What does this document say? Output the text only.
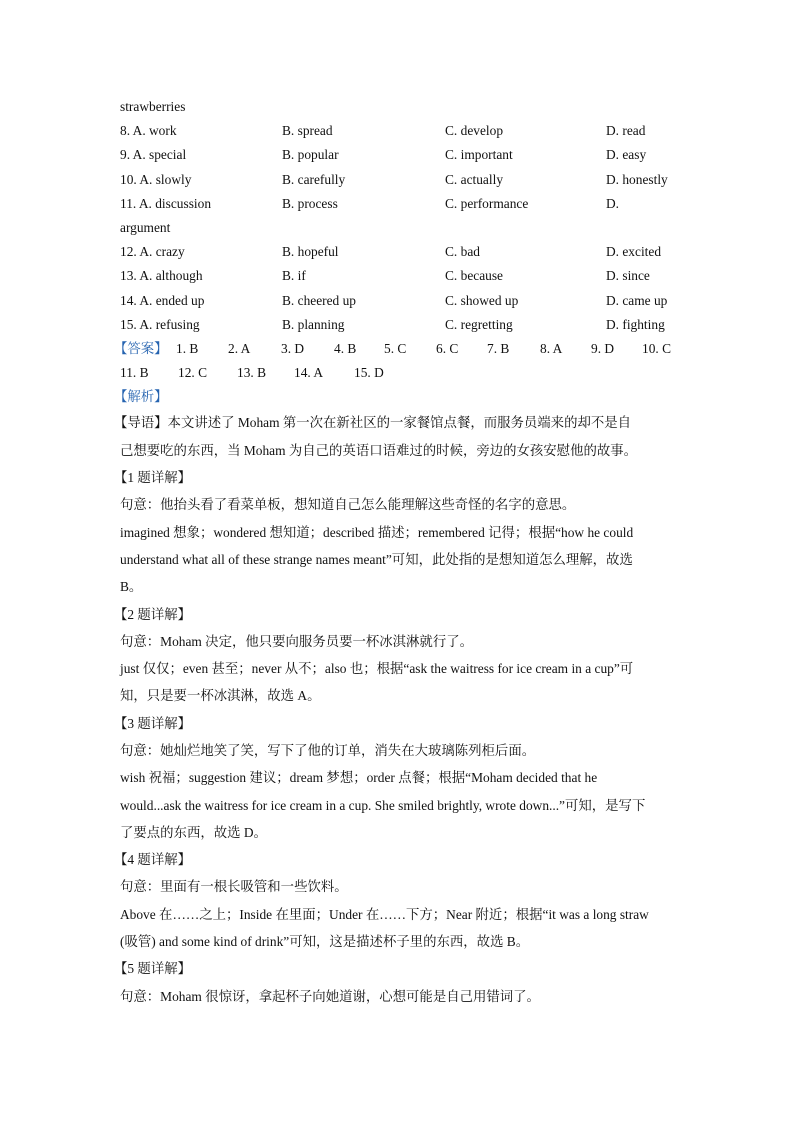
strawberries
8. A. work	B. spread	C. develop	D. read
9. A. special	B. popular	C. important	D. easy
10. A. slowly	B. carefully	C. actually	D. honestly
11. A. discussion	B. process	C. performance	D.
argument
12. A. crazy	B. hopeful	C. bad	D. excited
13. A. although	B. if	C. because	D. since
14. A. ended up	B. cheered up	C. showed up	D. came up
15. A. refusing	B. planning	C. regretting	D. fighting
【答案】 1. B 2. A 3. D 4. B 5. C 6. C 7. B 8. A 9. D 10. C
11. B 12. C 13. B 14. A 15. D
【解析】
【导语】本文讲述了 Moham 第一次在新社区的一家餐馆点餐，而服务员端来的却不是自
己想要吃的东西，当 Moham 为自己的英语口语难过的时候，旁边的女孩安慰他的故事。
【1 题详解】
句意：他抬头看了看菜单板，想知道自己怎么能理解这些奇怪的名字的意思。
imagined 想象；wondered 想知道；described 描述；remembered 记得；根据“how he could
understand what all of these strange names meant”可知，此处指的是想知道怎么理解，故选
B。
【2 题详解】
句意：Moham 决定，他只要向服务员要一杯冰淇淋就行了。
just 仅仅；even 甚至；never 从不；also 也；根据“ask the waitress for ice cream in a cup”可
知，只是要一杯冰淇淋，故选 A。
【3 题详解】
句意：她灿烂地笑了笑，写下了他的订单，消失在大玻璃陈列柜后面。
wish 祝福；suggestion 建议；dream 梦想；order 点餐；根据“Moham decided that he
would...ask the waitress for ice cream in a cup. She smiled brightly, wrote down...”可知，是写下
了要点的东西，故选 D。
【4 题详解】
句意：里面有一根长吸管和一些饮料。
Above 在……之上；Inside 在里面；Under 在……下方；Near 附近；根据“it was a long straw
(吸管) and some kind of drink”可知，这是描述杯子里的东西，故选 B。
【5 题详解】
句意：Moham 很惊讶，拿起杯子向她道谢，心想可能是自己用错词了。
